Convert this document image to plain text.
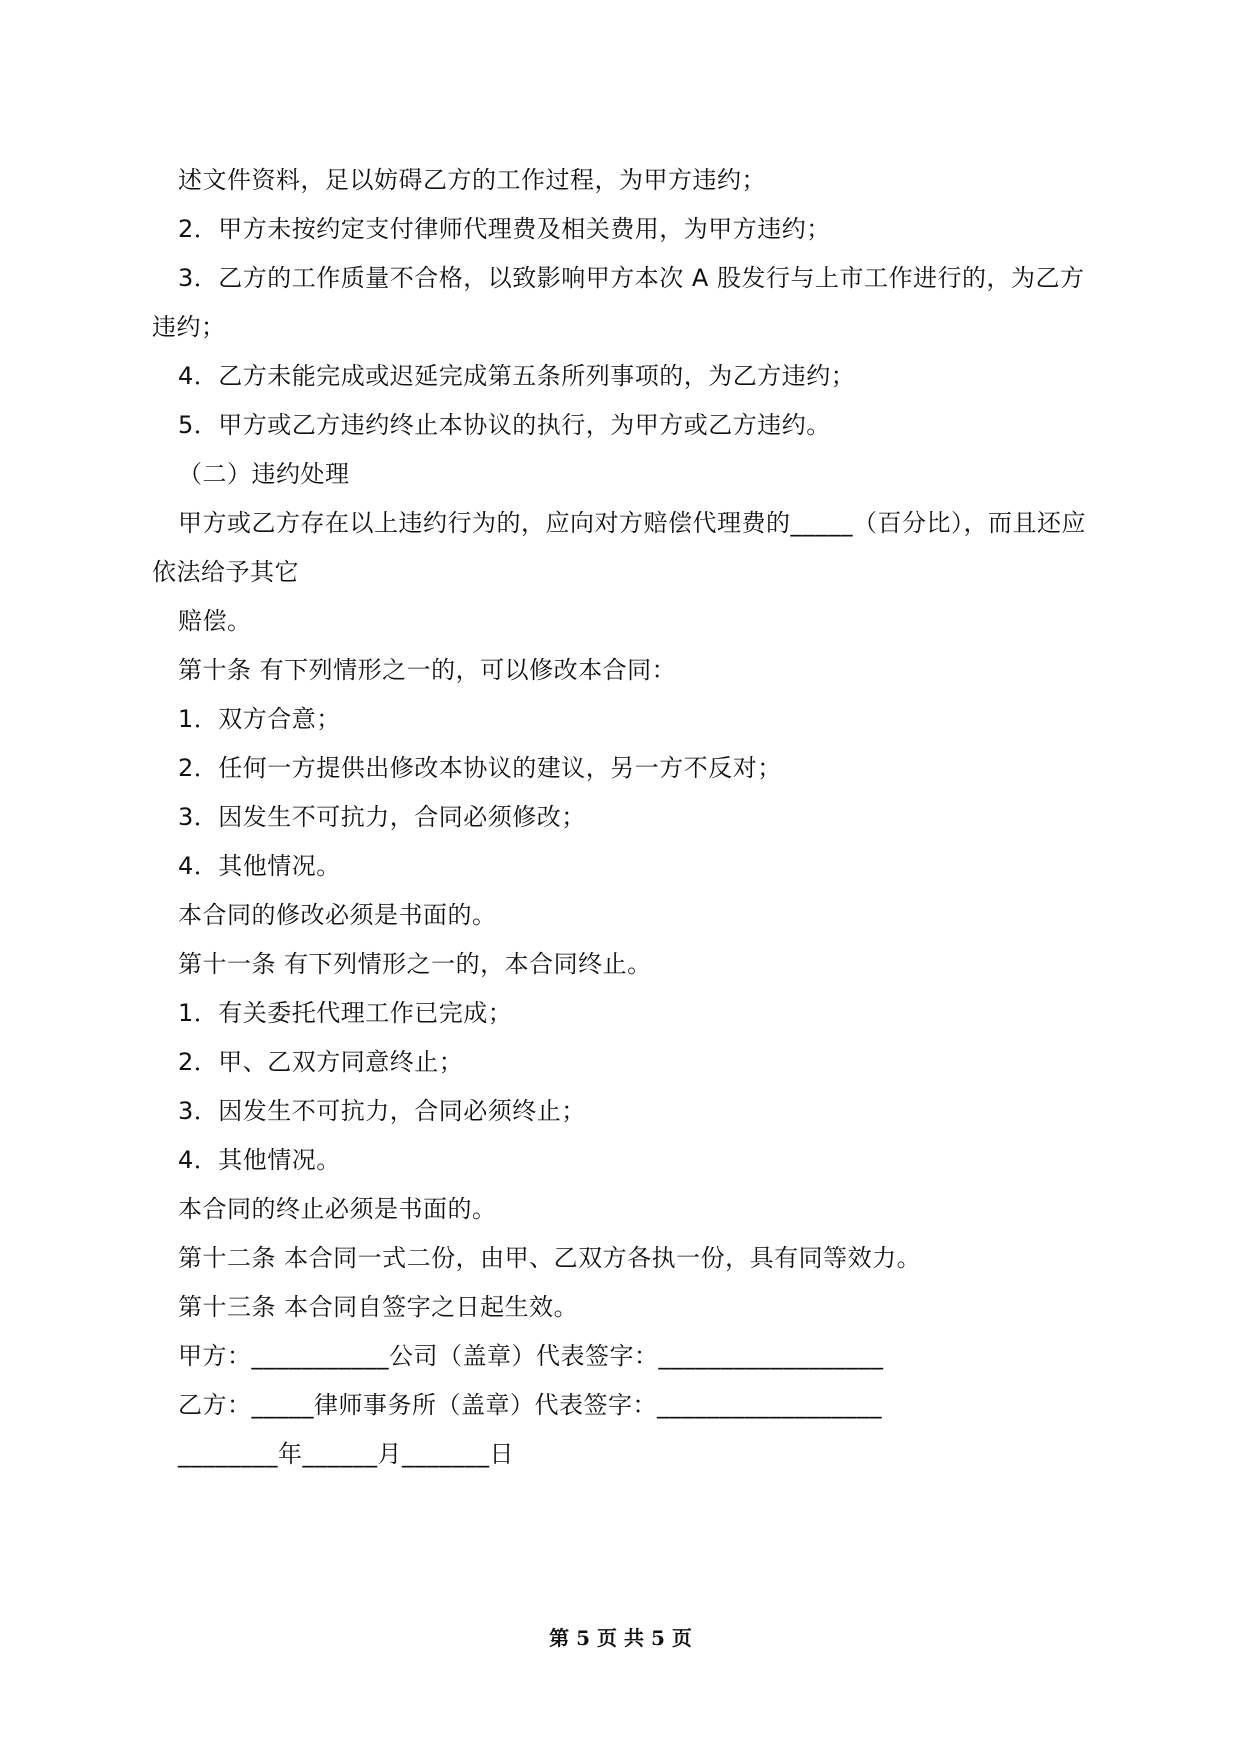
述文件资料，足以妨碍乙方的工作过程，为甲方违约；

2．甲方未按约定支付律师代理费及相关费用，为甲方违约；

3．乙方的工作质量不合格，以致影响甲方本次 A 股发行与上市工作进行的，为乙方违约；

4．乙方未能完成或迟延完成第五条所列事项的，为乙方违约；

5．甲方或乙方违约终止本协议的执行，为甲方或乙方违约。

（二）违约处理

甲方或乙方存在以上违约行为的，应向对方赔偿代理费的_____（百分比），而且还应依法给予其它

赔偿。

第十条 有下列情形之一的，可以修改本合同：

1．双方合意；

2．任何一方提供出修改本协议的建议，另一方不反对；

3．因发生不可抗力，合同必须修改；

4．其他情况。

本合同的修改必须是书面的。

第十一条 有下列情形之一的，本合同终止。

1．有关委托代理工作已完成；

2．甲、乙双方同意终止；

3．因发生不可抗力，合同必须终止；

4．其他情况。

本合同的终止必须是书面的。

第十二条 本合同一式二份，由甲、乙双方各执一份，具有同等效力。

第十三条 本合同自签字之日起生效。

甲方：___________公司（盖章）代表签字：__________________

乙方：_____律师事务所（盖章）代表签字：__________________

________年______月_______日

第 5 页 共 5 页
